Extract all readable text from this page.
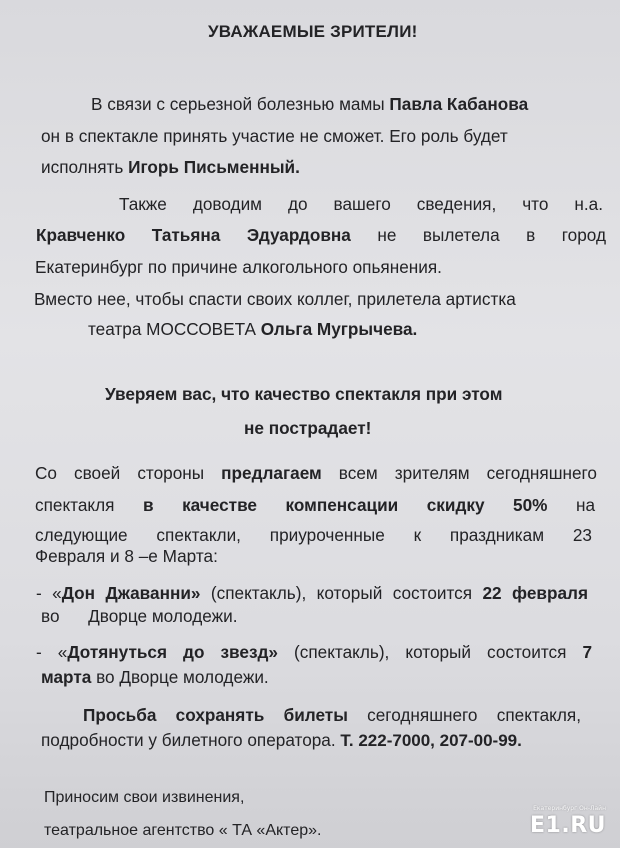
УВАЖАЕМЫЕ ЗРИТЕЛИ!
В связи с серьезной болезнью мамы Павла Кабанова
он в спектакле принять участие не сможет. Его роль будет
исполнять Игорь Письменный.
Также доводим до вашего сведения, что н.а.
Кравченко Татьяна Эдуардовна не вылетела в город
Екатеринбург по причине алкогольного опьянения.
Вместо нее, чтобы спасти своих коллег, прилетела артистка
театра МОССОВЕТА Ольга Мугрычева.
Уверяем вас, что качество спектакля при этом
не пострадает!
Со своей стороны предлагаем всем зрителям сегодняшнего
спектакля в качестве компенсации скидку 50% на
следующие спектакли, приуроченные к праздникам 23
Февраля и 8 –е Марта:
- «Дон Джаванни» (спектакль), который состоится 22 февраля
во      Дворце молодежи.
- «Дотянуться до звезд» (спектакль), который состоится 7
марта во Дворце молодежи.
Просьба сохранять билеты сегодняшнего спектакля,
подробности у билетного оператора. Т. 222-7000, 207-00-99.
Приносим свои извинения,
театральное агентство « ТА «Актер».
Екатеринбург Он-Лайн
E1.RU
